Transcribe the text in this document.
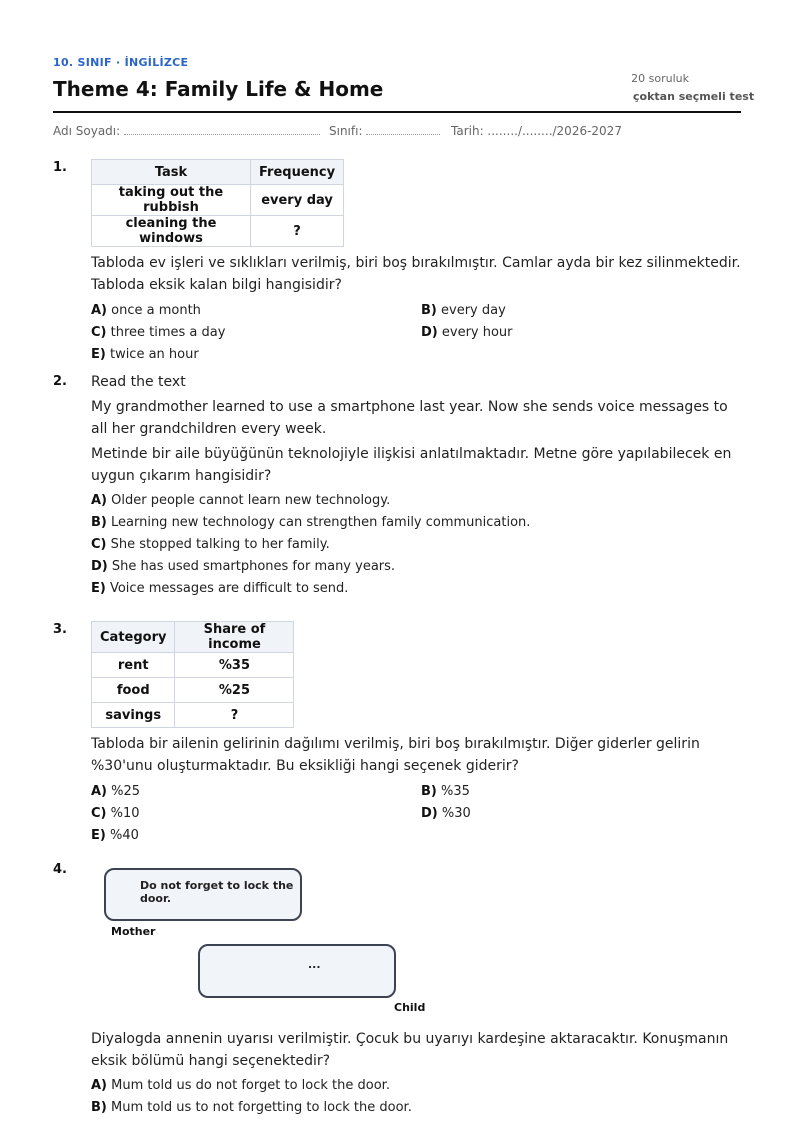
10. SINIF · İNGİLİZCE
Theme 4: Family Life & Home	20 soruluk
çoktan seçmeli test
Adı Soyadı:	Sınıfı:	Tarih: ......../......../2026-2027
1.	Task	Frequency
taking out the rubbish	every day
cleaning the windows	?

Tabloda ev işleri ve sıklıkları verilmiş, biri boş bırakılmıştır. Camlar ayda bir kez silinmektedir. Tabloda eksik kalan bilgi hangisidir?

A) once a month	B) every day
C) three times a day	D) every hour
E) twice an hour
2. Read the text

My grandmother learned to use a smartphone last year. Now she sends voice messages to all her grandchildren every week.

Metinde bir aile büyüğünün teknolojiyle ilişkisi anlatılmaktadır. Metne göre yapılabilecek en uygun çıkarım hangisidir?

A) Older people cannot learn new technology.
B) Learning new technology can strengthen family communication.
C) She stopped talking to her family.
D) She has used smartphones for many years.
E) Voice messages are difficult to send.
3.	Category	Share of income
rent	%35
food	%25
savings	?

Tabloda bir ailenin gelirinin dağılımı verilmiş, biri boş bırakılmıştır. Diğer giderler gelirin %30'unu oluşturmaktadır. Bu eksikliği hangi seçenek giderir?

A) %25	B) %35
C) %10	D) %30
E) %40
4.
Do not forget to lock the door.
Mother
...
Child

Diyalogda annenin uyarısı verilmiştir. Çocuk bu uyarıyı kardeşine aktaracaktır. Konuşmanın eksik bölümü hangi seçenektedir?

A) Mum told us do not forget to lock the door.
B) Mum told us to not forgetting to lock the door.
